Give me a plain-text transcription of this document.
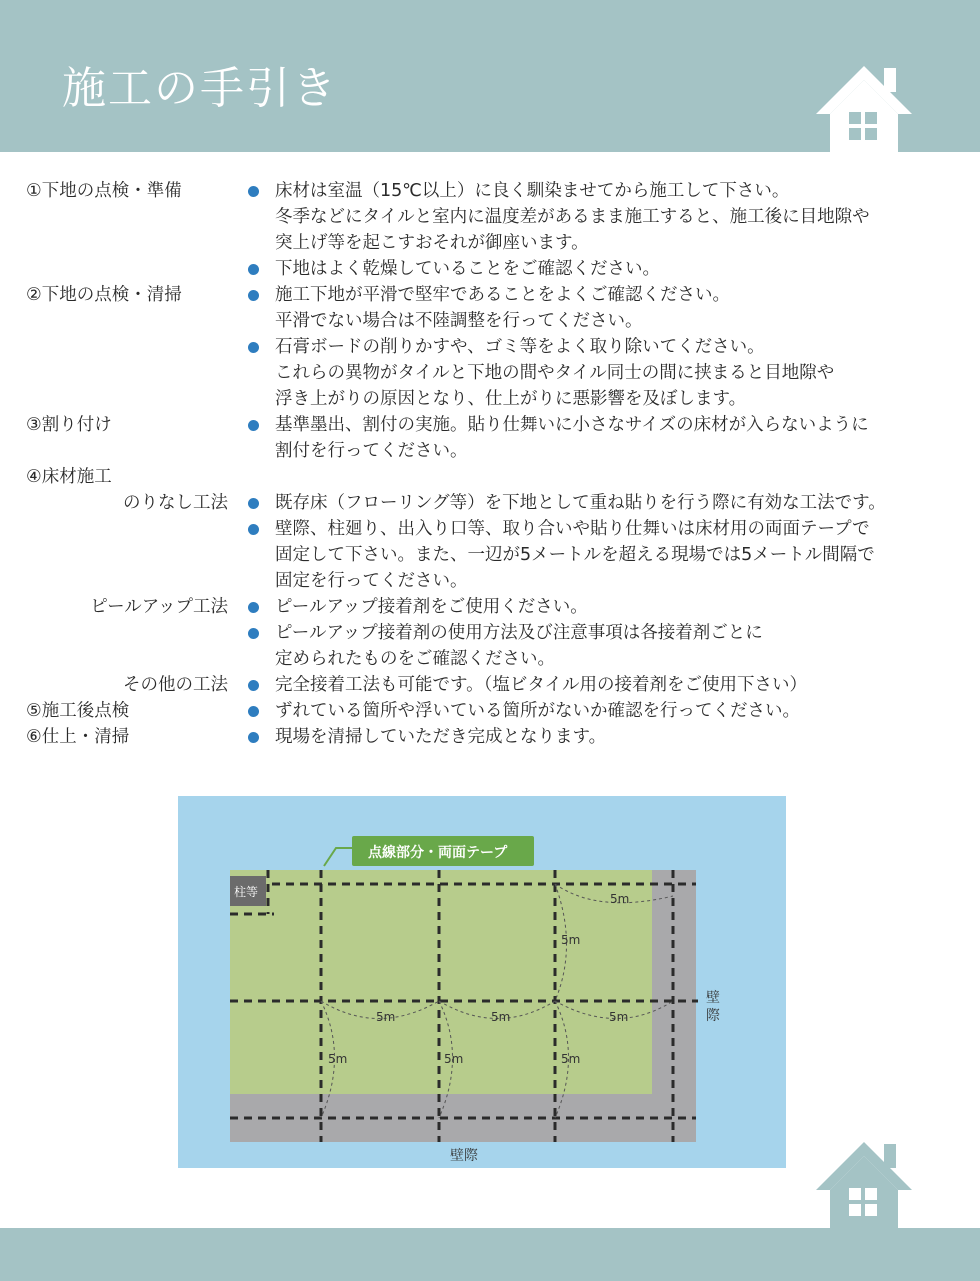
施工の手引き
①下地の点検・準備	床材は室温（15℃以上）に良く馴染ませてから施工して下さい。
冬季などにタイルと室内に温度差があるまま施工すると、施工後に目地隙や
突上げ等を起こすおそれが御座います。
下地はよく乾燥していることをご確認ください。
②下地の点検・清掃	施工下地が平滑で堅牢であることをよくご確認ください。
平滑でない場合は不陸調整を行ってください。
石膏ボードの削りかすや、ゴミ等をよく取り除いてください。
これらの異物がタイルと下地の間やタイル同士の間に挟まると目地隙や
浮き上がりの原因となり、仕上がりに悪影響を及ぼします。
③割り付け	基準墨出、割付の実施。貼り仕舞いに小さなサイズの床材が入らないように
割付を行ってください。
④床材施工
のりなし工法	既存床（フローリング等）を下地として重ね貼りを行う際に有効な工法です。
壁際、柱廻り、出入り口等、取り合いや貼り仕舞いは床材用の両面テープで
固定して下さい。また、一辺が5メートルを超える現場では5メートル間隔で
固定を行ってください。
ピールアップ工法	ピールアップ接着剤をご使用ください。
ピールアップ接着剤の使用方法及び注意事項は各接着剤ごとに
定められたものをご確認ください。
その他の工法	完全接着工法も可能です。（塩ビタイル用の接着剤をご使用下さい）
⑤施工後点検	ずれている箇所や浮いている箇所がないか確認を行ってください。
⑥仕上・清掃	現場を清掃していただき完成となります。
5m
5m
5m	5m	5m
5m	5m	5m
柱等
点線部分・両面テープ
壁
際
壁際
